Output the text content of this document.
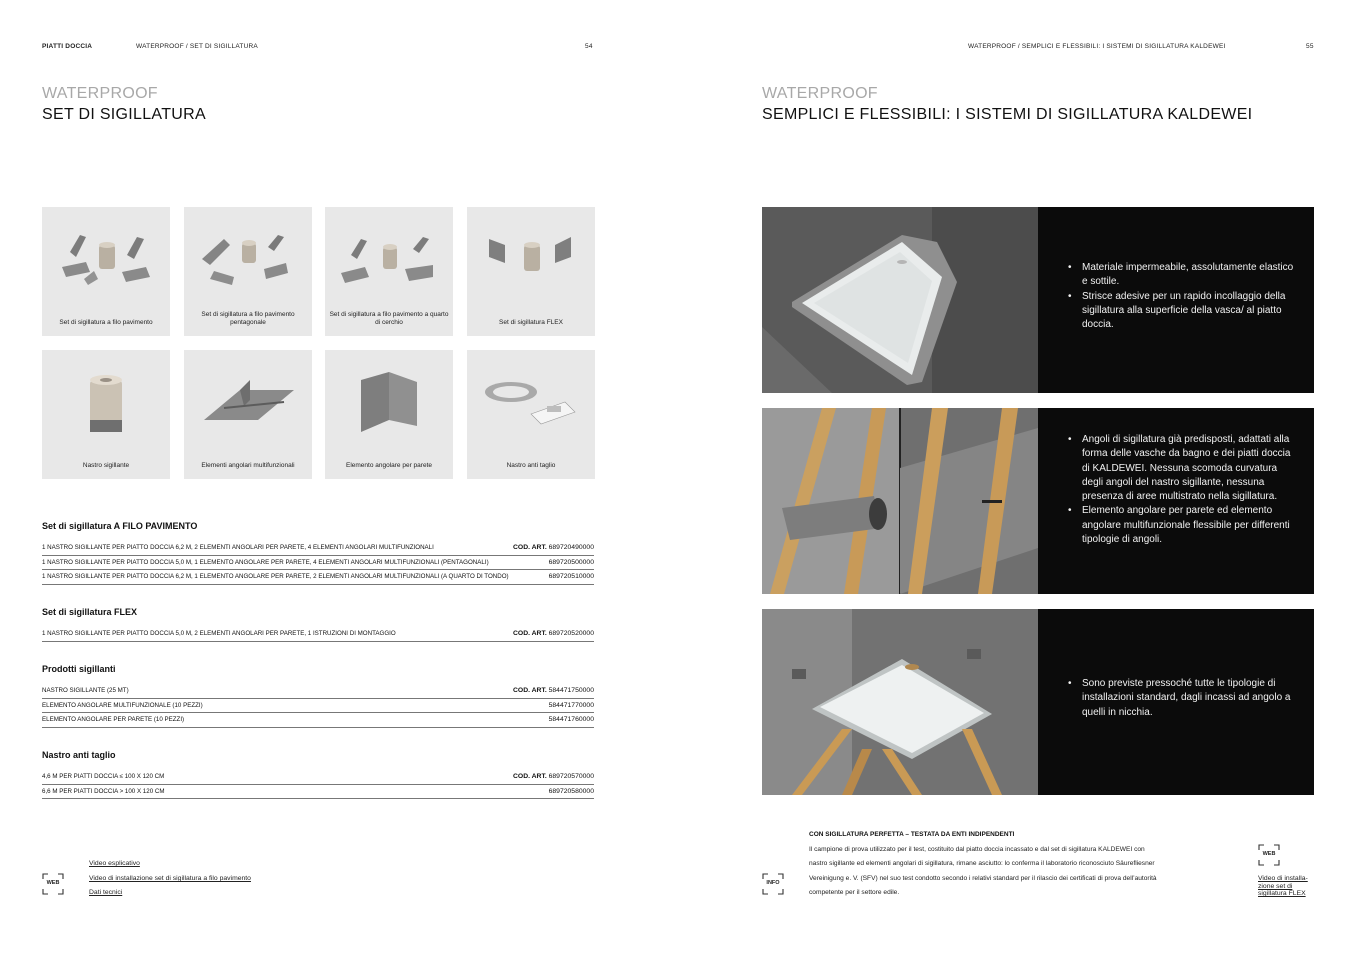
PIATTI DOCCIA	WATERPROOF / SET DI SIGILLATURA	54
WATERPROOF
SET DI SIGILLATURA
Set di sigillatura a filo pavimento
Set di sigillatura a filo pavimento pentagonale
Set di sigillatura a filo pavimento a quarto di cerchio	Set di sigillatura FLEX
Nastro sigillante	Elementi angolari multifunzionali	Elemento angolare per parete	Nastro anti taglio
Set di sigillatura A FILO PAVIMENTO
1 NASTRO SIGILLANTE PER PIATTO DOCCIA 6,2 M, 2 ELEMENTI ANGOLARI PER PARETE, 4 ELEMENTI ANGOLARI MULTIFUNZIONALI	COD. ART. 689720490000
1 NASTRO SIGILLANTE PER PIATTO DOCCIA 5,0 M, 1 ELEMENTO ANGOLARE PER PARETE, 4 ELEMENTI ANGOLARI MULTIFUNZIONALI (PENTAGONALI)	689720500000
1 NASTRO SIGILLANTE PER PIATTO DOCCIA 6,2 M, 1 ELEMENTO ANGOLARE PER PARETE, 2 ELEMENTI ANGOLARI MULTIFUNZIONALI (A QUARTO DI TONDO)	689720510000
Set di sigillatura FLEX
1 NASTRO SIGILLANTE PER PIATTO DOCCIA 5,0 M, 2 ELEMENTI ANGOLARI PER PARETE, 1 ISTRUZIONI DI MONTAGGIO	COD. ART. 689720520000
Prodotti sigillanti
NASTRO SIGILLANTE (25 MT)	COD. ART. 584471750000
ELEMENTO ANGOLARE MULTIFUNZIONALE (10 PEZZI)	584471770000
ELEMENTO ANGOLARE PER PARETE (10 PEZZI)	584471760000
Nastro anti taglio
4,6 M PER PIATTI DOCCIA ≤ 100 X 120 CM	COD. ART. 689720570000
6,6 M PER PIATTI DOCCIA > 100 X 120 CM	689720580000
WEB
Video esplicativo
Video di installazione set di sigillatura a filo pavimento
Dati tecnici
WATERPROOF / SEMPLICI E FLESSIBILI: I SISTEMI DI SIGILLATURA KALDEWEI	55
WATERPROOF
SEMPLICI E FLESSIBILI: I SISTEMI DI SIGILLATURA KALDEWEI
• Materiale impermeabile, assolutamente elastico e sottile.
• Strisce adesive per un rapido incollaggio della sigillatura alla superficie della vasca/ al piatto doccia.
• Angoli di sigillatura già predisposti, adattati alla forma delle vasche da bagno e dei piatti doccia di KALDEWEI. Nessuna scomoda curvatura degli angoli del nastro sigillante, nessuna presenza di aree multistrato nella sigillatura.
• Elemento angolare per parete ed elemento angolare multifunzionale flessibile per differenti tipologie di angoli.
• Sono previste pressoché tutte le tipologie di installazioni standard, dagli incassi ad angolo a quelli in nicchia.
INFO
CON SIGILLATURA PERFETTA – TESTATA DA ENTI INDIPENDENTI
Il campione di prova utilizzato per il test, costituito dal piatto doccia incassato e dal set di sigillatura KALDEWEI con
nastro sigillante ed elementi angolari di sigillatura, rimane asciutto: lo conferma il laboratorio riconosciuto Säurefliesner
Vereinigung e. V. (SFV) nel suo test condotto secondo i relativi standard per il rilascio dei certificati di prova dell’autorità
competente per il settore edile.
WEB
Video di installa-
zione set di
sigillatura FLEX
